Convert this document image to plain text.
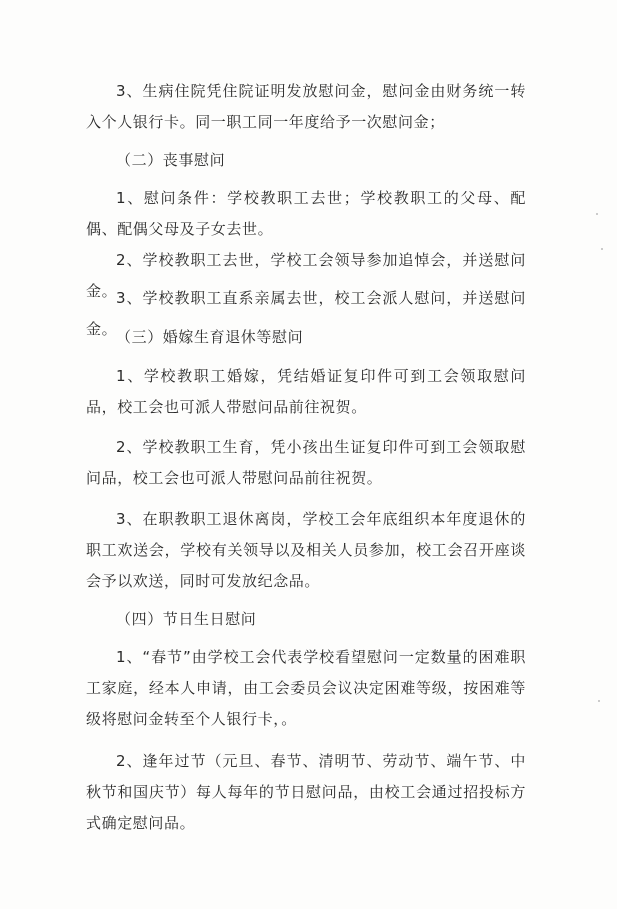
3、生病住院凭住院证明发放慰问金，慰问金由财务统一转入个人银行卡。同一职工同一年度给予一次慰问金；

（二）丧事慰问

1、慰问条件：学校教职工去世；学校教职工的父母、配偶、配偶父母及子女去世。

2、学校教职工去世，学校工会领导参加追悼会，并送慰问金。

3、学校教职工直系亲属去世，校工会派人慰问，并送慰问金。

（三）婚嫁生育退休等慰问

1、学校教职工婚嫁，凭结婚证复印件可到工会领取慰问品，校工会也可派人带慰问品前往祝贺。

2、学校教职工生育，凭小孩出生证复印件可到工会领取慰问品，校工会也可派人带慰问品前往祝贺。

3、在职教职工退休离岗，学校工会年底组织本年度退休的职工欢送会，学校有关领导以及相关人员参加，校工会召开座谈会予以欢送，同时可发放纪念品。

（四）节日生日慰问

1、“春节”由学校工会代表学校看望慰问一定数量的困难职工家庭，经本人申请，由工会委员会议决定困难等级，按困难等级将慰问金转至个人银行卡，。

2、逢年过节（元旦、春节、清明节、劳动节、端午节、中秋节和国庆节）每人每年的节日慰问品，由校工会通过招投标方式确定慰问品。
